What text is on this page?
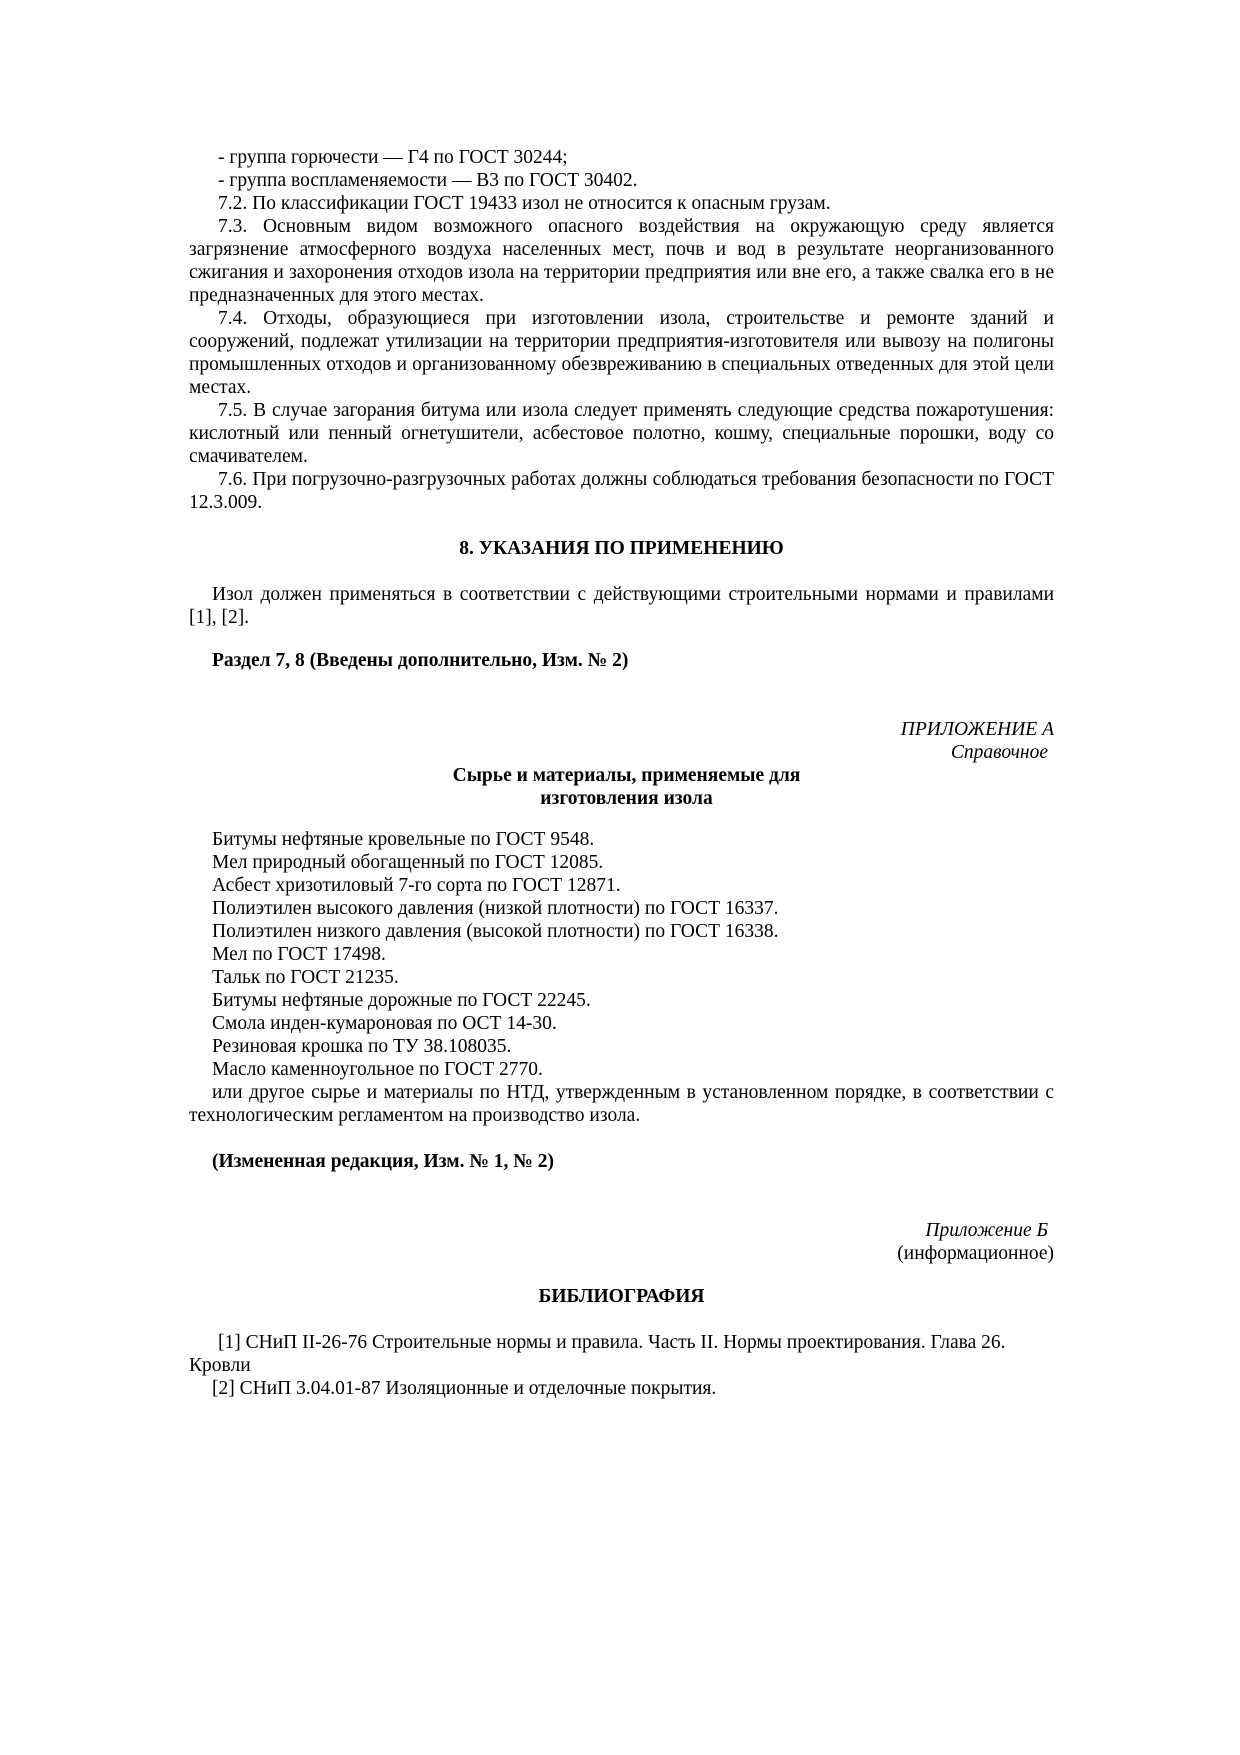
- группа горючести — Г4 по ГОСТ 30244;

- группа воспламеняемости — В3 по ГОСТ 30402.

7.2. По классификации ГОСТ 19433 изол не относится к опасным грузам.

7.3. Основным видом возможного опасного воздействия на окружающую среду является загрязнение атмосферного воздуха населенных мест, почв и вод в результате неорганизованного сжигания и захоронения отходов изола на территории предприятия или вне его, а также свалка его в не предназначенных для этого местах.

7.4. Отходы, образующиеся при изготовлении изола, строительстве и ремонте зданий и сооружений, подлежат утилизации на территории предприятия-изготовителя или вывозу на полигоны промышленных отходов и организованному обезвреживанию в специальных отведенных для этой цели местах.

7.5. В случае загорания битума или изола следует применять следующие средства пожаротушения: кислотный или пенный огнетушители, асбестовое полотно, кошму, специальные порошки, воду со смачивателем.

7.6. При погрузочно-разгрузочных работах должны соблюдаться требования безопасности по ГОСТ 12.3.009.

8. УКАЗАНИЯ ПО ПРИМЕНЕНИЮ

Изол должен применяться в соответствии с действующими строительными нормами и правилами [1], [2].

Раздел 7, 8 (Введены дополнительно, Изм. № 2)

ПРИЛОЖЕНИЕ А

Справочное

Сырье и материалы, применяемые для

изготовления изола

Битумы нефтяные кровельные по ГОСТ 9548.

Мел природный обогащенный по ГОСТ 12085.

Асбест хризотиловый 7-го сорта по ГОСТ 12871.

Полиэтилен высокого давления (низкой плотности) по ГОСТ 16337.

Полиэтилен низкого давления (высокой плотности) по ГОСТ 16338.

Мел по ГОСТ 17498.

Тальк по ГОСТ 21235.

Битумы нефтяные дорожные по ГОСТ 22245.

Смола инден-кумароновая по ОСТ 14-30.

Резиновая крошка по ТУ 38.108035.

Масло каменноугольное по ГОСТ 2770.

или другое сырье и материалы по НТД, утвержденным в установленном порядке, в соответствии с технологическим регламентом на производство изола.

(Измененная редакция, Изм. № 1, № 2)

Приложение Б

(информационное)

БИБЛИОГРАФИЯ

[1] СНиП II-26-76 Строительные нормы и правила. Часть II. Нормы проектирования. Глава 26. Кровли

[2] СНиП 3.04.01-87 Изоляционные и отделочные покрытия.
